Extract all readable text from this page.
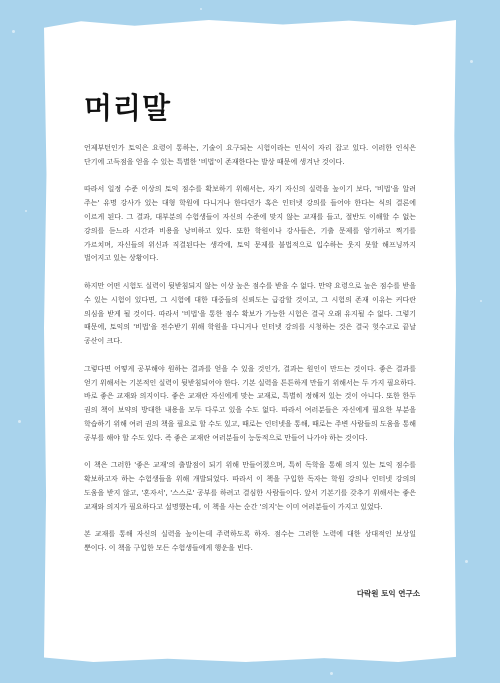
머리말

언제부턴인가 토익은 요령이 통하는, 기술이 요구되는 시험이라는 인식이 자리 잡고 있다. 이러한 인식은 단기에 고득점을 얻을 수 있는 특별한 '비법'이 존재한다는 발상 때문에 생겨난 것이다.

따라서 일정 수준 이상의 토익 점수를 확보하기 위해서는, 자기 자신의 실력을 높이기 보다, '비법'을 알려 주는' 유명 강사가 있는 대형 학원에 다니거나 한다던가 혹은 인터넷 강의를 들어야 한다는 식의 결론에 이르게 된다. 그 결과, 대부분의 수험생들이 자신의 수준에 맞지 않는 교재를 들고, 절반도 이해할 수 없는 강의를 듣느라 시간과 비용을 낭비하고 있다. 또한 학원이나 강사들은, 기출 문제를 암기하고 찍기를 가르치며, 자신들의 위신과 직결된다는 생각에, 토익 문제를 불법적으로 입수하는 웃지 못할 해프닝까지 벌어지고 있는 상황이다.

하지만 어떤 시험도 실력이 뒷받침되지 않는 이상 높은 점수를 받을 수 없다. 만약 요령으로 높은 점수를 받을 수 있는 시험이 있다면, 그 시험에 대한 대중들의 신뢰도는 급감할 것이고, 그 시험의 존재 이유는 커다란 의심을 받게 될 것이다. 따라서 '비법'을 통한 점수 확보가 가능한 시험은 결국 오래 유지될 수 없다. 그렇기 때문에, 토익의 '비법'을 전수받기 위해 학원을 다니거나 인터넷 강의를 시청하는 것은 결국 헛수고로 끝날 공산이 크다.

그렇다면 어떻게 공부해야 원하는 결과를 얻을 수 있을 것인가, 결과는 원인이 만드는 것이다. 좋은 결과를 얻기 위해서는 기본적인 실력이 뒷받침되어야 한다. 기본 실력을 튼튼하게 만들기 위해서는 두 가지 필요하다. 바로 좋은 교재와 의지이다. 좋은 교재란 자신에게 맞는 교재로, 특별히 정해져 있는 것이 아니다. 또한 한두 권의 책이 보약의 방대한 내용을 모두 다루고 있을 수도 없다. 따라서 여러분들은 자신에게 필요한 부분을 학습하기 위해 여러 권의 책을 필요로 할 수도 있고, 때로는 인터넷을 통해, 때로는 주변 사람들의 도움을 통해 공부를 해야 할 수도 있다. 즉 좋은 교재란 여러분들이 능동적으로 만들어 나가야 하는 것이다.

이 책은 그러한 '좋은 교재'의 출발점이 되기 위해 만들어졌으며, 특히 독학을 통해 의지 있는 토익 점수를 확보하고자 하는 수험생들을 위해 개발되었다. 따라서 이 책을 구입한 독자는 학원 강의나 인터넷 강의의 도움을 받지 않고, '혼자서', '스스로' 공부를 하려고 결심한 사람들이다. 앞서 기본기를 갖추기 위해서는 좋은 교재와 의지가 필요하다고 설명했는데, 이 책을 사는 순간 '의지'는 이미 여러분들이 가지고 있었다.

본 교재를 통해 자신의 실력을 높이는데 주력하도록 하자. 점수는 그러한 노력에 대한 상대적인 보상일 뿐이다. 이 책을 구입한 모든 수험생들에게 행운을 빈다.

다락원 토익 연구소
